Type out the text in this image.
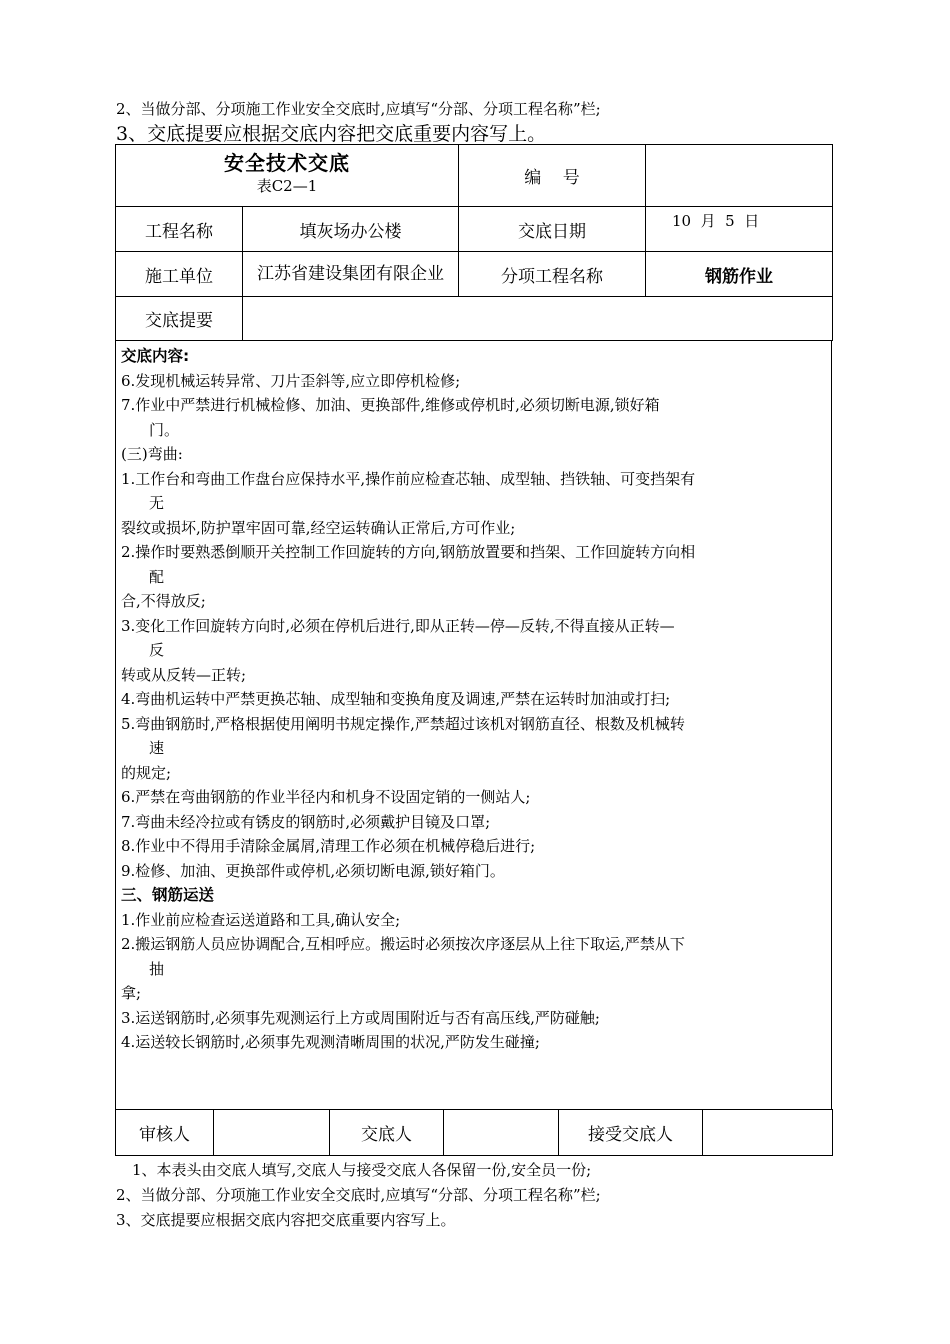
2、当做分部、分项施工作业安全交底时,应填写“分部、分项工程名称”栏;
3、交底提要应根据交底内容把交底重要内容写上。
安全技术交底
表C2—1		编    号	
工程名称	填灰场办公楼	交底日期	10  月  5  日
施工单位	江苏省建设集团有限企业	分项工程名称	钢筋作业
交底提要			

交底内容:

6.发现机械运转异常、刀片歪斜等,应立即停机检修;

7.作业中严禁进行机械检修、加油、更换部件,维修或停机时,必须切断电源,锁好箱

门。

(三)弯曲:

1.工作台和弯曲工作盘台应保持水平,操作前应检查芯轴、成型轴、挡铁轴、可变挡架有

无

裂纹或损坏,防护罩牢固可靠,经空运转确认正常后,方可作业;

2.操作时要熟悉倒顺开关控制工作回旋转的方向,钢筋放置要和挡架、工作回旋转方向相

配

合,不得放反;

3.变化工作回旋转方向时,必须在停机后进行,即从正转—停—反转,不得直接从正转—

反

转或从反转—正转;

4.弯曲机运转中严禁更换芯轴、成型轴和变换角度及调速,严禁在运转时加油或打扫;

5.弯曲钢筋时,严格根据使用阐明书规定操作,严禁超过该机对钢筋直径、根数及机械转

速

的规定;

6.严禁在弯曲钢筋的作业半径内和机身不设固定销的一侧站人;

7.弯曲未经冷拉或有锈皮的钢筋时,必须戴护目镜及口罩;

8.作业中不得用手清除金属屑,清理工作必须在机械停稳后进行;

9.检修、加油、更换部件或停机,必须切断电源,锁好箱门。

三、钢筋运送

1.作业前应检查运送道路和工具,确认安全;

2.搬运钢筋人员应协调配合,互相呼应。搬运时必须按次序逐层从上往下取运,严禁从下

抽

拿;

3.运送钢筋时,必须事先观测运行上方或周围附近与否有高压线,严防碰触;

4.运送较长钢筋时,必须事先观测清晰周围的状况,严防发生碰撞;

审核人		交底人		接受交底人	
1、本表头由交底人填写,交底人与接受交底人各保留一份,安全员一份;
2、当做分部、分项施工作业安全交底时,应填写“分部、分项工程名称”栏;
3、交底提要应根据交底内容把交底重要内容写上。
